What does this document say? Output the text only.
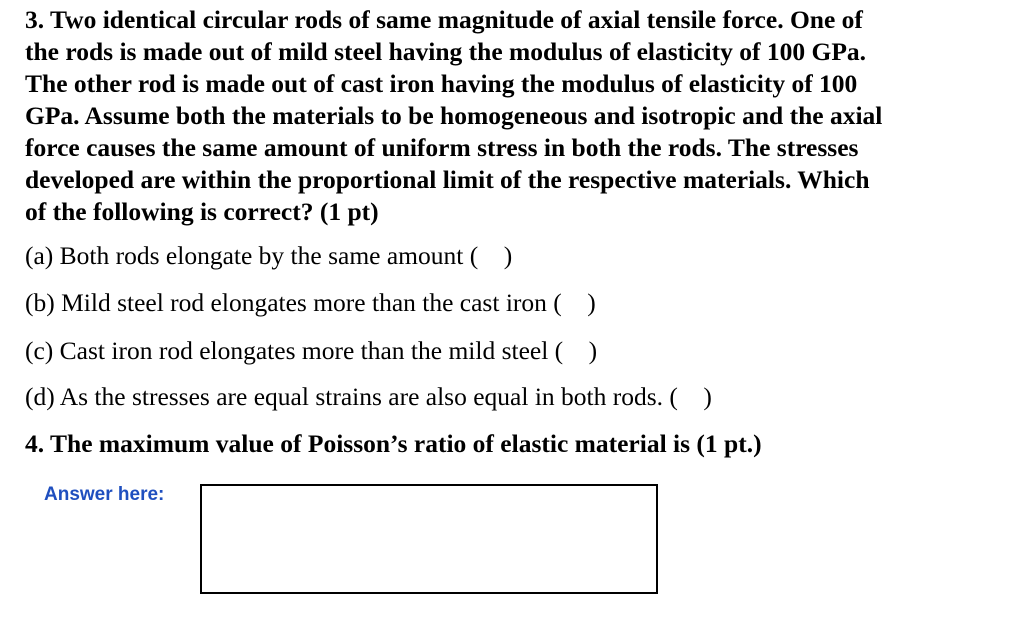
3. Two identical circular rods of same magnitude of axial tensile force. One of
the rods is made out of mild steel having the modulus of elasticity of 100 GPa.
The other rod is made out of cast iron having the modulus of elasticity of 100
GPa. Assume both the materials to be homogeneous and isotropic and the axial
force causes the same amount of uniform stress in both the rods. The stresses
developed are within the proportional limit of the respective materials. Which
of the following is correct? (1 pt)
(a) Both rods elongate by the same amount (    )
(b) Mild steel rod elongates more than the cast iron (    )
(c) Cast iron rod elongates more than the mild steel (    )
(d) As the stresses are equal strains are also equal in both rods. (    )
4. The maximum value of Poisson’s ratio of elastic material is (1 pt.)
Answer here:
